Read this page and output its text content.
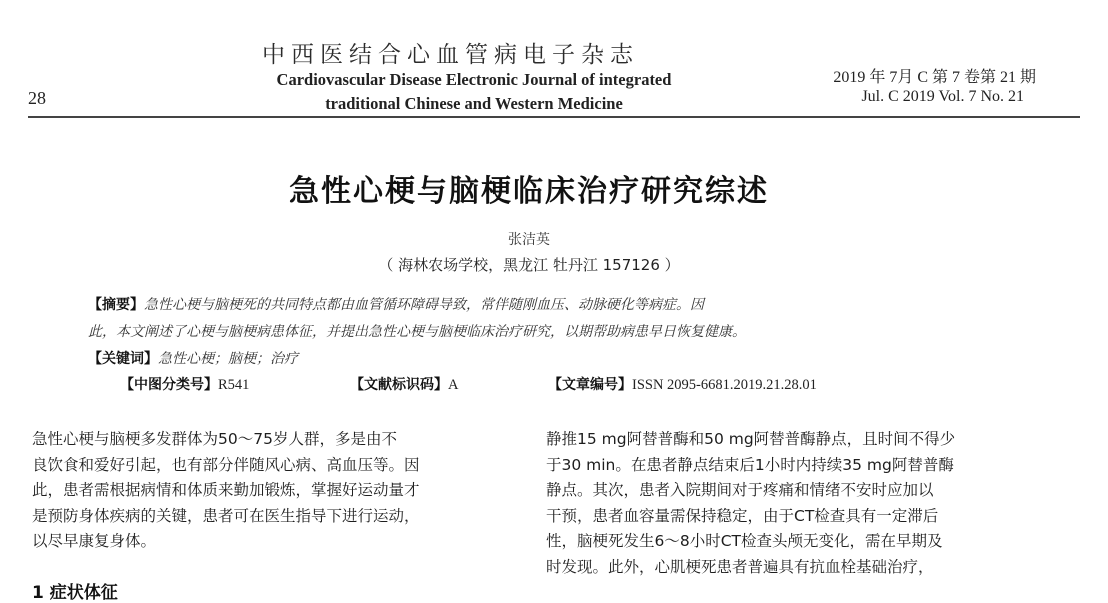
中西医结合心血管病电子杂志
Cardiovascular Disease Electronic Journal of integrated
traditional Chinese and Western Medicine
28
2019 年 7月 C 第 7 卷第 21 期
Jul. C 2019 Vol. 7 No. 21
急性心梗与脑梗临床治疗研究综述
张洁英
（ 海林农场学校，黑龙江 牡丹江 157126 ）
【摘要】急性心梗与脑梗死的共同特点都由血管循环障碍导致，常伴随刚血压、动脉硬化等病症。因
此，本文阐述了心梗与脑梗病患体征，并提出急性心梗与脑梗临床治疗研究，以期帮助病患早日恢复健康。
【关键词】急性心梗；脑梗；治疗
【中图分类号】R541	【文献标识码】A	【文章编号】ISSN 2095-6681.2019.21.28.01
急性心梗与脑梗多发群体为50～75岁人群，多是由不
良饮食和爱好引起，也有部分伴随风心病、高血压等。因
此，患者需根据病情和体质来勤加锻炼，掌握好运动量才
是预防身体疾病的关键，患者可在医生指导下进行运动，
以尽早康复身体。
静推15 mg阿替普酶和50 mg阿替普酶静点，且时间不得少
于30 min。在患者静点结束后1小时内持续35 mg阿替普酶
静点。其次，患者入院期间对于疼痛和情绪不安时应加以
干预，患者血容量需保持稳定，由于CT检查具有一定滞后
性，脑梗死发生6～8小时CT检查头颅无变化，需在早期及
时发现。此外，心肌梗死患者普遍具有抗血栓基础治疗，
1 症状体征
